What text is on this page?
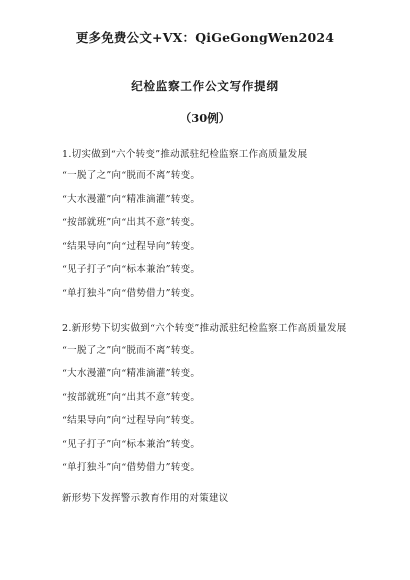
更多免费公文+VX：QiGeGongWen2024
纪检监察工作公文写作提纲
（30例）

1.切实做到“六个转变”推动派驻纪检监察工作高质量发展

“一脱了之”向“脱而不离”转变。
“大水漫灌”向“精准滴灌”转变。
“按部就班”向“出其不意”转变。
“结果导向”向“过程导向”转变。
“见子打子”向“标本兼治”转变。
“单打独斗”向“借势借力”转变。

2.新形势下切实做到“六个转变”推动派驻纪检监察工作高质量发展

“一脱了之”向“脱而不离”转变。
“大水漫灌”向“精准滴灌”转变。
“按部就班”向“出其不意”转变。
“结果导向”向“过程导向”转变。
“见子打子”向“标本兼治”转变。
“单打独斗”向“借势借力”转变。
新形势下发挥警示教育作用的对策建议
